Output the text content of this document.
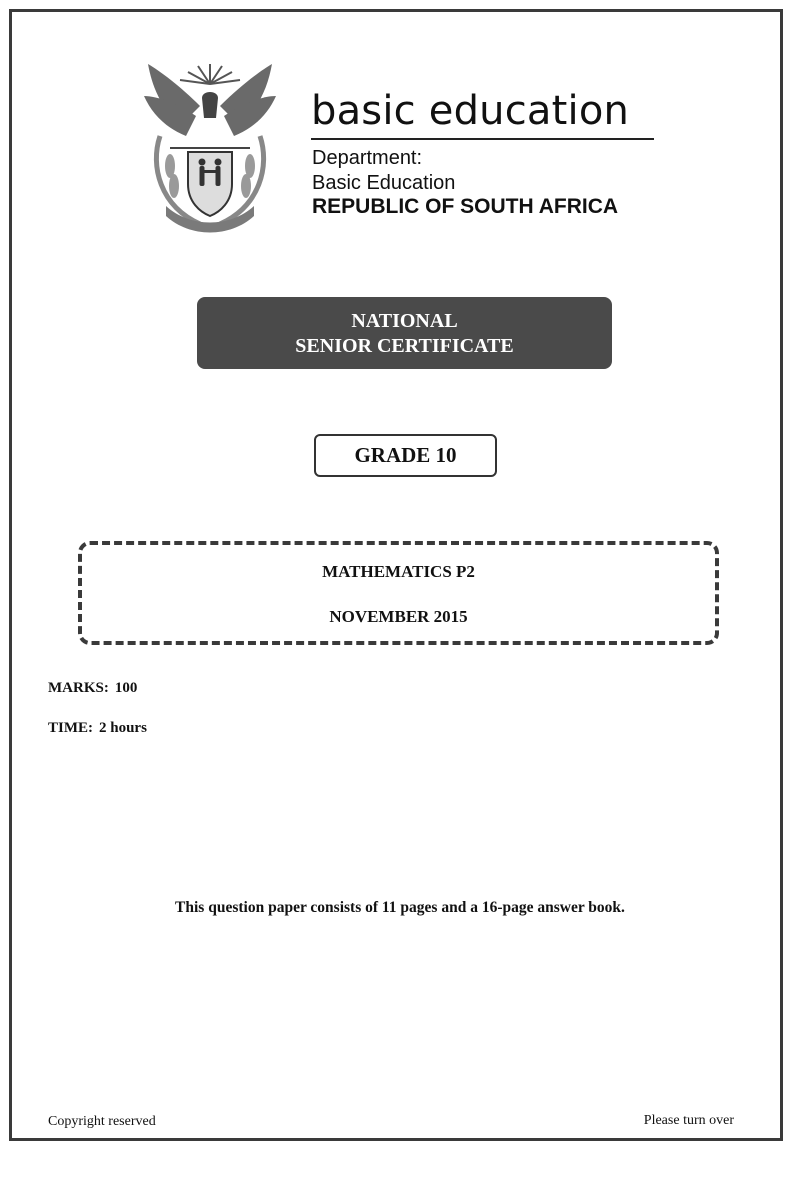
basic education
Department:
Basic Education
REPUBLIC OF SOUTH AFRICA
NATIONAL
SENIOR CERTIFICATE
GRADE 10
MATHEMATICS P2
NOVEMBER 2015
MARKS: 100
TIME: 2 hours
This question paper consists of 11 pages and a 16-page answer book.
Copyright reserved	Please turn over
